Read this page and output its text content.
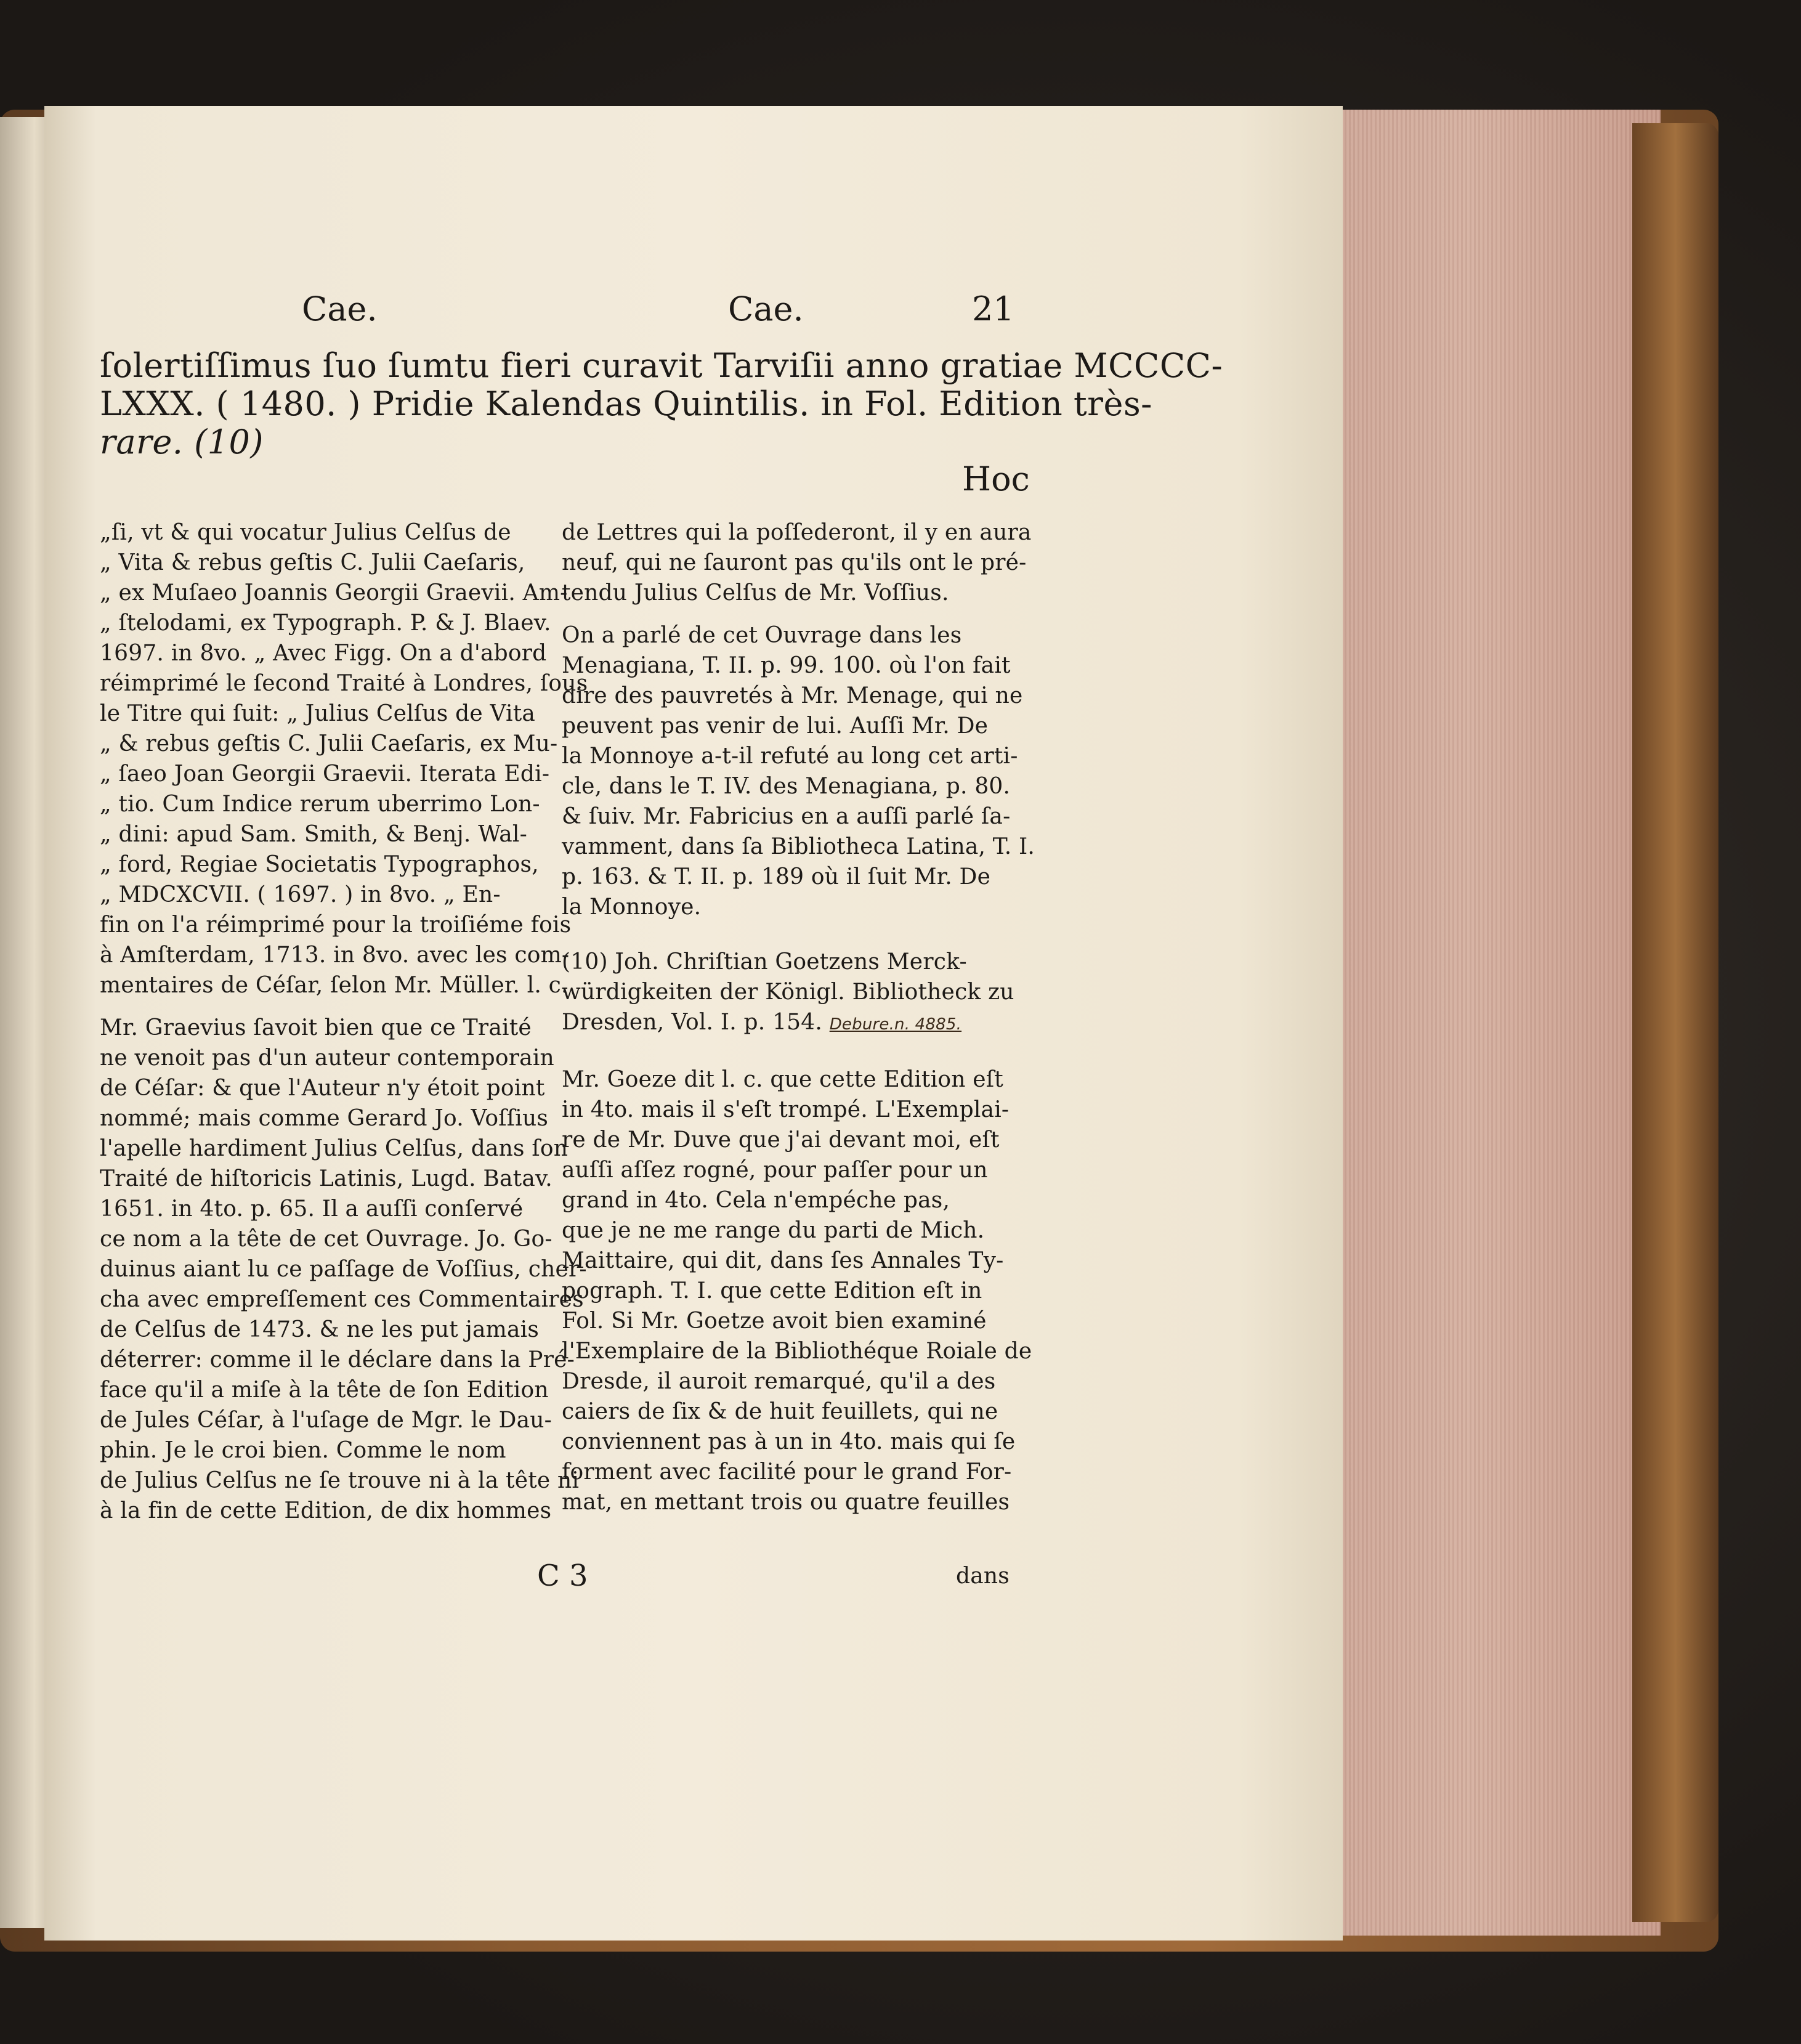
Cae.	Cae.	21
ſolertiſſimus ſuo ſumtu fieri curavit Tarviſii anno gratiae MCCCC-
LXXX. ( 1480. ) Pridie Kalendas Quintilis. in Fol. Edition très-
rare. (10)
Hoc

„ſi, vt & qui vocatur Julius Celſus de

„ Vita & rebus geſtis C. Julii Caeſaris,

„ ex Muſaeo Joannis Georgii Graevii. Am-

„ ſtelodami, ex Typograph. P. & J. Blaev.

1697. in 8vo. „ Avec Figg. On a d'abord

réimprimé le ſecond Traité à Londres, ſous

le Titre qui ſuit: „ Julius Celſus de Vita

„ & rebus geſtis C. Julii Caeſaris, ex Mu-

„ ſaeo Joan Georgii Graevii. Iterata Edi-

„ tio. Cum Indice rerum uberrimo Lon-

„ dini: apud Sam. Smith, & Benj. Wal-

„ ford, Regiae Societatis Typographos,

„ MDCXCVII. ( 1697. ) in 8vo. „ En-

fin on l'a réimprimé pour la troiſiéme fois

à Amſterdam, 1713. in 8vo. avec les com-

mentaires de Céſar, ſelon Mr. Müller. l. c.

Mr. Graevius ſavoit bien que ce Traité

ne venoit pas d'un auteur contemporain

de Céſar: & que l'Auteur n'y étoit point

nommé; mais comme Gerard Jo. Voſſius

l'apelle hardiment Julius Celſus, dans ſon

Traité de hiſtoricis Latinis, Lugd. Batav.

1651. in 4to. p. 65. Il a auſſi conſervé

ce nom a la tête de cet Ouvrage. Jo. Go-

duinus aiant lu ce paſſage de Voſſius, cher-

cha avec empreſſement ces Commentaires

de Celſus de 1473. & ne les put jamais

déterrer: comme il le déclare dans la Pré-

face qu'il a miſe à la tête de ſon Edition

de Jules Céſar, à l'uſage de Mgr. le Dau-

phin. Je le croi bien. Comme le nom

de Julius Celſus ne ſe trouve ni à la tête ni

à la fin de cette Edition, de dix hommes

de Lettres qui la poſſederont, il y en aura

neuf, qui ne ſauront pas qu'ils ont le pré-

tendu Julius Celſus de Mr. Voſſius.

On a parlé de cet Ouvrage dans les

Menagiana, T. II. p. 99. 100. où l'on fait

dire des pauvretés à Mr. Menage, qui ne

peuvent pas venir de lui. Auſſi Mr. De

la Monnoye a-t-il refuté au long cet arti-

cle, dans le T. IV. des Menagiana, p. 80.

& ſuiv. Mr. Fabricius en a auſſi parlé ſa-

vamment, dans ſa Bibliotheca Latina, T. I.

p. 163. & T. II. p. 189 où il ſuit Mr. De

la Monnoye.

(10) Joh. Chriſtian Goetzens Merck-

würdigkeiten der Königl. Bibliotheck zu

Dresden, Vol. I. p. 154. Debure.n. 4885.

Mr. Goeze dit l. c. que cette Edition eſt

in 4to. mais il s'eſt trompé. L'Exemplai-

re de Mr. Duve que j'ai devant moi, eſt

auſſi aſſez rogné, pour paſſer pour un

grand in 4to. Cela n'empéche pas,

que je ne me range du parti de Mich.

Maittaire, qui dit, dans ſes Annales Ty-

pograph. T. I. que cette Edition eſt in

Fol. Si Mr. Goetze avoit bien examiné

l'Exemplaire de la Bibliothéque Roiale de

Dresde, il auroit remarqué, qu'il a des

caiers de ſix & de huit feuillets, qui ne

conviennent pas à un in 4to. mais qui ſe

forment avec facilité pour le grand For-

mat, en mettant trois ou quatre feuilles

C 3	dans
